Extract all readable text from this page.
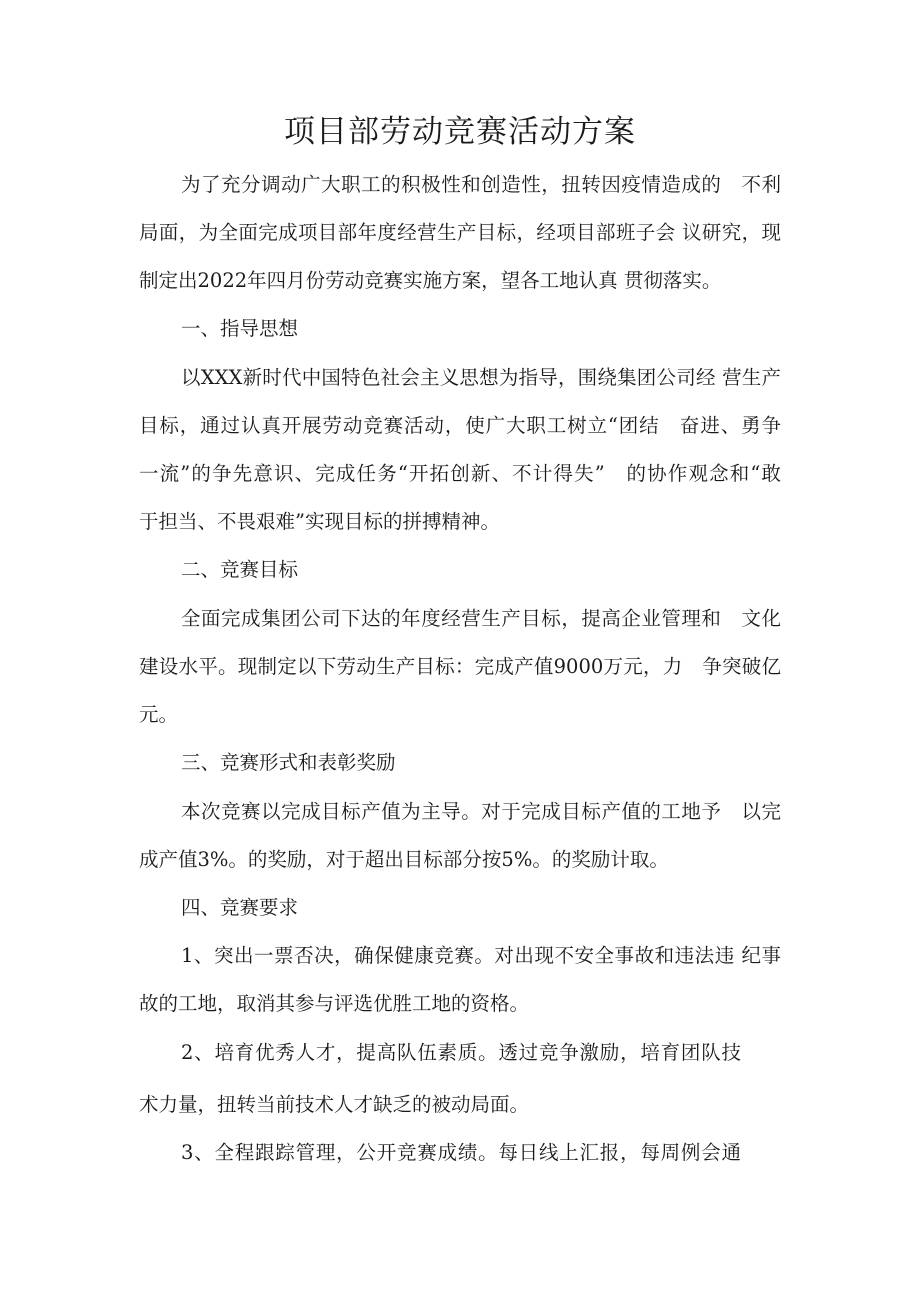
项目部劳动竞赛活动方案
为了充分调动广大职工的积极性和创造性，扭转因疫情造成的　不利
局面，为全面完成项目部年度经营生产目标，经项目部班子会 议研究，现
制定出2022年四月份劳动竞赛实施方案，望各工地认真 贯彻落实。
一、指导思想
以XXX新时代中国特色社会主义思想为指导，围绕集团公司经 营生产
目标，通过认真开展劳动竞赛活动，使广大职工树立“团结　奋进、勇争
一流”的争先意识、完成任务“开拓创新、不计得失”　的协作观念和“敢
于担当、不畏艰难”实现目标的拼搏精神。
二、竞赛目标
全面完成集团公司下达的年度经营生产目标，提高企业管理和　文化
建设水平。现制定以下劳动生产目标：完成产值9000万元，力　争突破亿
元。
三、竞赛形式和表彰奖励
本次竞赛以完成目标产值为主导。对于完成目标产值的工地予　以完
成产值3%。的奖励，对于超出目标部分按5%。的奖励计取。
四、竞赛要求
1、突出一票否决，确保健康竞赛。对出现不安全事故和违法违 纪事
故的工地，取消其参与评选优胜工地的资格。
2、培育优秀人才，提高队伍素质。透过竞争激励，培育团队技
术力量，扭转当前技术人才缺乏的被动局面。
3、全程跟踪管理，公开竞赛成绩。每日线上汇报，每周例会通
